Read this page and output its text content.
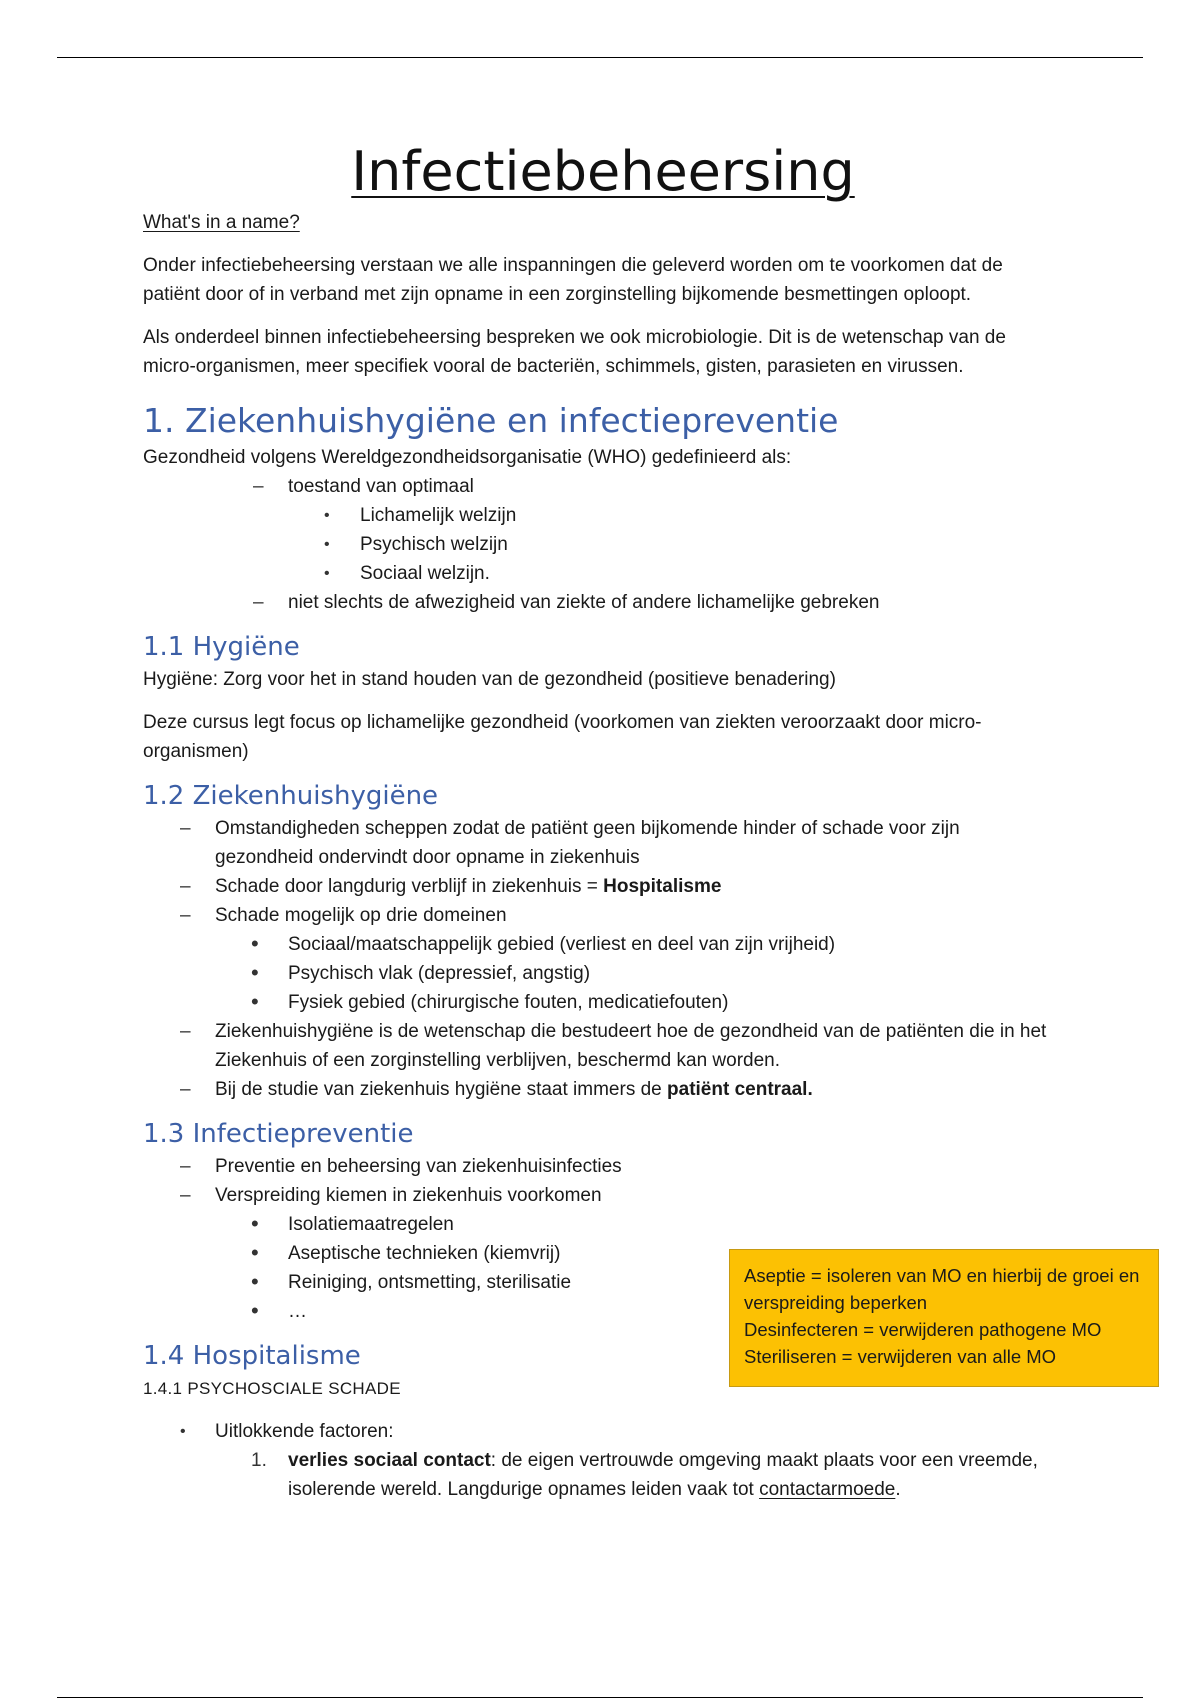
Infectiebeheersing

What's in a name?

Onder infectiebeheersing verstaan we alle inspanningen die geleverd worden om te voorkomen dat de patiënt door of in verband met zijn opname in een zorginstelling bijkomende besmettingen oploopt.

Als onderdeel binnen infectiebeheersing bespreken we ook microbiologie. Dit is de wetenschap van de micro-organismen, meer specifiek vooral de bacteriën, schimmels, gisten, parasieten en virussen.

1. Ziekenhuishygiëne en infectiepreventie

Gezondheid volgens Wereldgezondheidsorganisatie (WHO) gedefinieerd als:

– toestand van optimaal
• Lichamelijk welzijn
• Psychisch welzijn
• Sociaal welzijn.
– niet slechts de afwezigheid van ziekte of andere lichamelijke gebreken
1.1 Hygiëne

Hygiëne: Zorg voor het in stand houden van de gezondheid (positieve benadering)

Deze cursus legt focus op lichamelijke gezondheid (voorkomen van ziekten veroorzaakt door micro-organismen)

1.2 Ziekenhuishygiëne
– Omstandigheden scheppen zodat de patiënt geen bijkomende hinder of schade voor zijn gezondheid ondervindt door opname in ziekenhuis
– Schade door langdurig verblijf in ziekenhuis = Hospitalisme
– Schade mogelijk op drie domeinen
• Sociaal/maatschappelijk gebied (verliest en deel van zijn vrijheid)
• Psychisch vlak (depressief, angstig)
• Fysiek gebied (chirurgische fouten, medicatiefouten)
– Ziekenhuishygiëne is de wetenschap die bestudeert hoe de gezondheid van de patiënten die in het Ziekenhuis of een zorginstelling verblijven, beschermd kan worden.
– Bij de studie van ziekenhuis hygiëne staat immers de patiënt centraal.
1.3 Infectiepreventie
– Preventie en beheersing van ziekenhuisinfecties
– Verspreiding kiemen in ziekenhuis voorkomen
• Isolatiemaatregelen
• Aseptische technieken (kiemvrij)
• Reiniging, ontsmetting, sterilisatie
• …
1.4 Hospitalisme
1.4.1 PSYCHOSCIALE SCHADE
• Uitlokkende factoren:
1. verlies sociaal contact: de eigen vertrouwde omgeving maakt plaats voor een vreemde, isolerende wereld. Langdurige opnames leiden vaak tot contactarmoede.
Aseptie = isoleren van MO en hierbij de groei en verspreiding beperken
Desinfecteren = verwijderen pathogene MO
Steriliseren = verwijderen van alle MO
